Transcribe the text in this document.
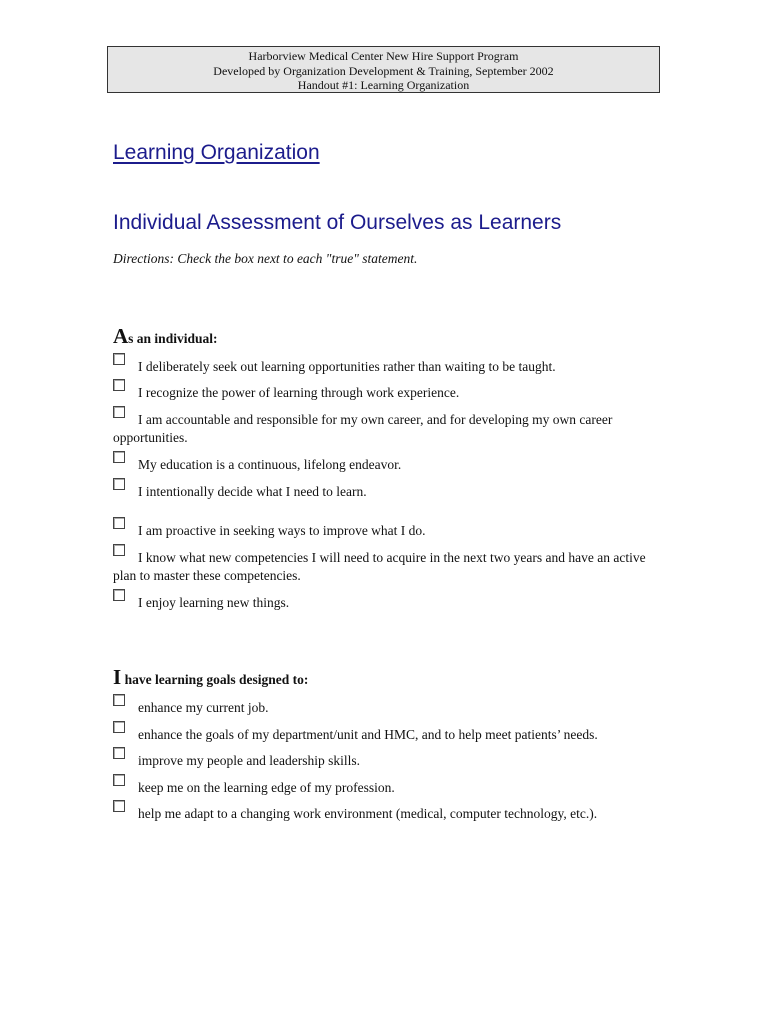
Harborview Medical Center New Hire Support Program
Developed by Organization Development & Training, September 2002
Handout #1: Learning Organization
Learning Organization
Individual Assessment of Ourselves as Learners
Directions: Check the box next to each "true" statement.
As an individual:
I deliberately seek out learning opportunities rather than waiting to be taught.
I recognize the power of learning through work experience.
I am accountable and responsible for my own career, and for developing my own career opportunities.
My education is a continuous, lifelong endeavor.
I intentionally decide what I need to learn.
I am proactive in seeking ways to improve what I do.
I know what new competencies I will need to acquire in the next two years and have an active plan to master these competencies.
I enjoy learning new things.
I have learning goals designed to:
enhance my current job.
enhance the goals of my department/unit and HMC, and to help meet patients’ needs.
improve my people and leadership skills.
keep me on the learning edge of my profession.
help me adapt to a changing work environment (medical, computer technology, etc.).
